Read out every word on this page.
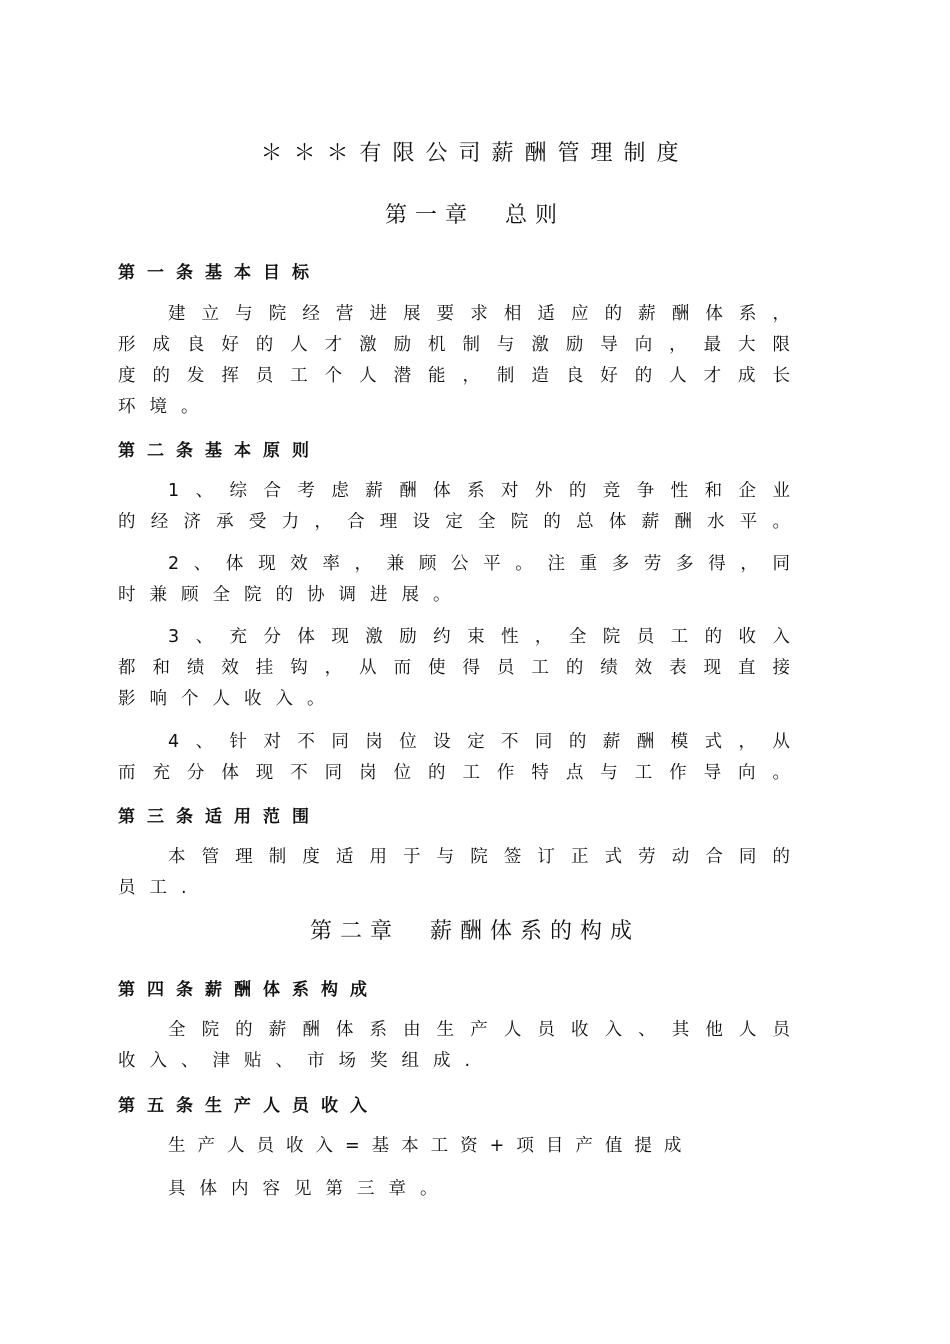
＊＊＊有限公司薪酬管理制度
第一章 总则
第一条基本目标
建立与院经营进展要求相适应的薪酬体系，
形成良好的人才激励机制与激励导向，最大限
度的发挥员工个人潜能，制造良好的人才成长
环境。
第二条基本原则
1、综合考虑薪酬体系对外的竞争性和企业
的经济承受力，合理设定全院的总体薪酬水平。
2、体现效率，兼顾公平。注重多劳多得，同
时兼顾全院的协调进展。
3、充分体现激励约束性，全院员工的收入
都和绩效挂钩，从而使得员工的绩效表现直接
影响个人收入。
4、针对不同岗位设定不同的薪酬模式，从
而充分体现不同岗位的工作特点与工作导向。
第三条适用范围
本管理制度适用于与院签订正式劳动合同的
员工.
第二章 薪酬体系的构成
第四条薪酬体系构成
全院的薪酬体系由生产人员收入、其他人员
收入、津贴、市场奖组成.
第五条生产人员收入
生产人员收入=基本工资+项目产值提成
具体内容见第三章。
